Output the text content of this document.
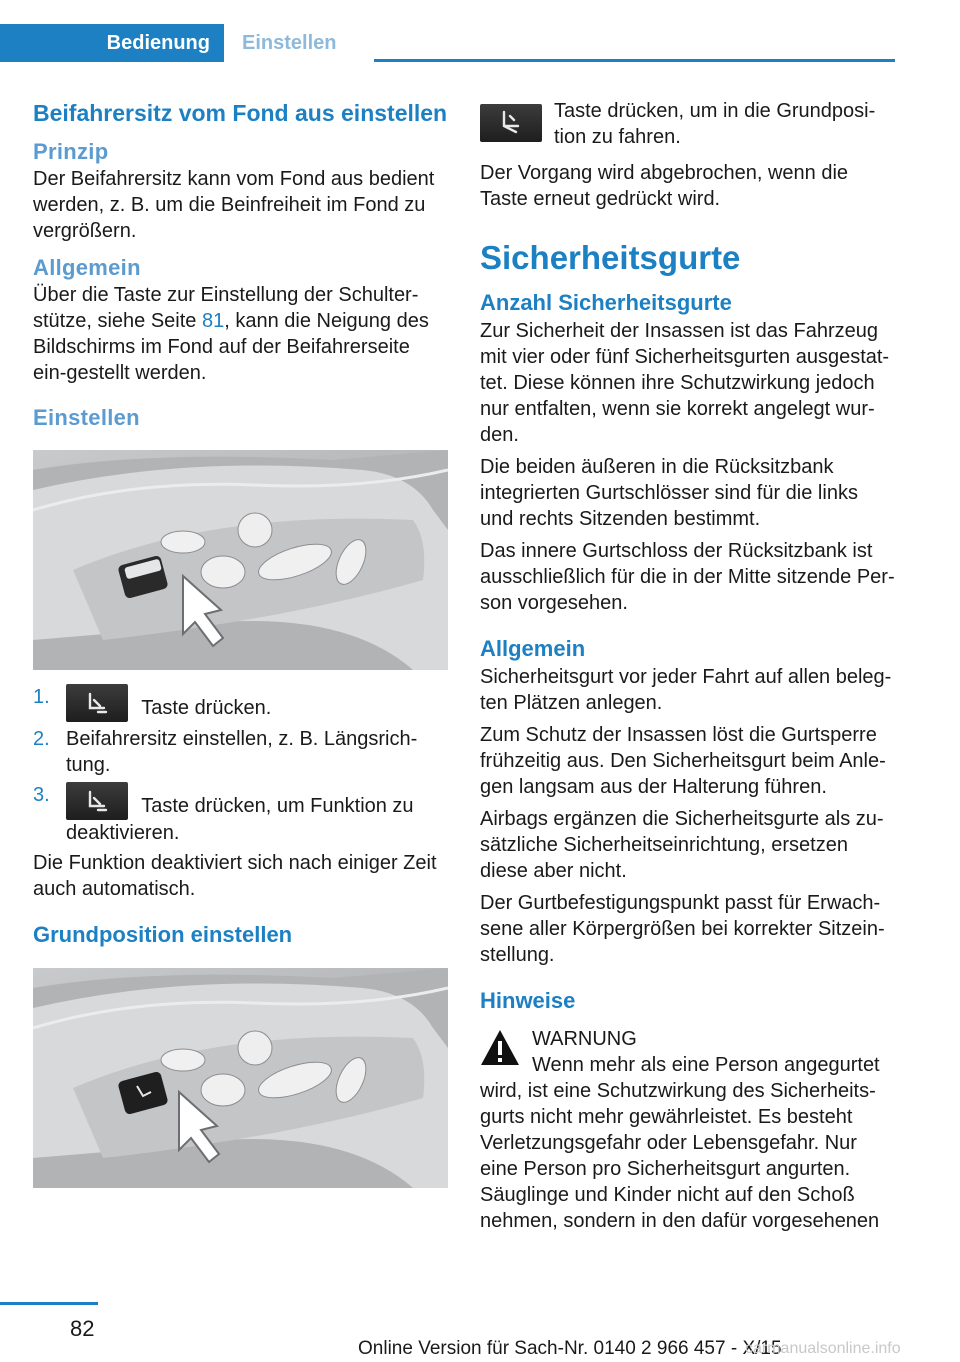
Bedienung	Einstellen
Beifahrersitz vom Fond aus einstellen
Prinzip
Der Beifahrersitz kann vom Fond aus bedient werden, z. B. um die Beinfreiheit im Fond zu vergrößern.
Allgemein
Über die Taste zur Einstellung der Schulter-stütze, siehe Seite 81, kann die Neigung des Bildschirms im Fond auf der Beifahrerseite ein-gestellt werden.
Einstellen
1.	Taste drücken.
2. Beifahrersitz einstellen, z. B. Längsrich-tung.
3.	Taste drücken, um Funktion zu deaktivieren.
Die Funktion deaktiviert sich nach einiger Zeit auch automatisch.
Grundposition einstellen
Taste drücken, um in die Grundposi-tion zu fahren.
Der Vorgang wird abgebrochen, wenn die Taste erneut gedrückt wird.
Sicherheitsgurte
Anzahl Sicherheitsgurte
Zur Sicherheit der Insassen ist das Fahrzeug mit vier oder fünf Sicherheitsgurten ausgestat-tet. Diese können ihre Schutzwirkung jedoch nur entfalten, wenn sie korrekt angelegt wur-den.
Die beiden äußeren in die Rücksitzbank integrierten Gurtschlösser sind für die links und rechts Sitzenden bestimmt.
Das innere Gurtschloss der Rücksitzbank ist ausschließlich für die in der Mitte sitzende Per-son vorgesehen.
Allgemein
Sicherheitsgurt vor jeder Fahrt auf allen beleg-ten Plätzen anlegen.
Zum Schutz der Insassen löst die Gurtsperre frühzeitig aus. Den Sicherheitsgurt beim Anle-gen langsam aus der Halterung führen.
Airbags ergänzen die Sicherheitsgurte als zu-sätzliche Sicherheitseinrichtung, ersetzen diese aber nicht.
Der Gurtbefestigungspunkt passt für Erwach-sene aller Körpergrößen bei korrekter Sitzein-stellung.
Hinweise
WARNUNG
Wenn mehr als eine Person angegurtet
wird, ist eine Schutzwirkung des Sicherheits-gurts nicht mehr gewährleistet. Es besteht Verletzungsgefahr oder Lebensgefahr. Nur eine Person pro Sicherheitsgurt angurten. Säuglinge und Kinder nicht auf den Schoß nehmen, sondern in den dafür vorgesehenen
82
Online Version für Sach-Nr. 0140 2 966 457 - X/15
carmanualsonline.info
